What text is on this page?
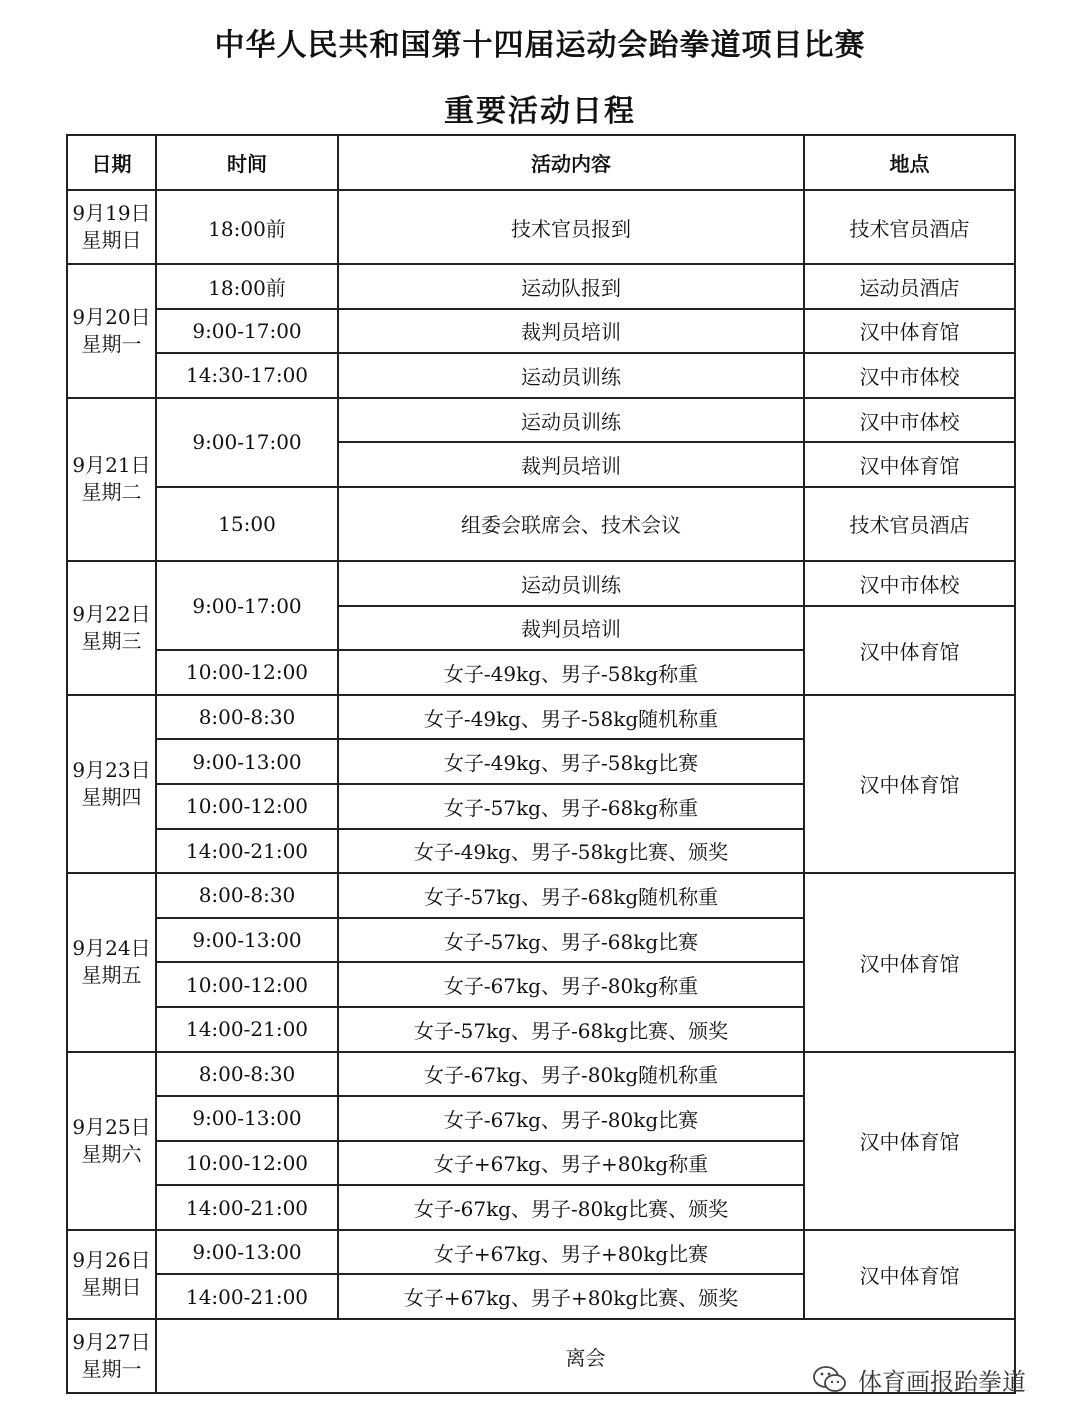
中华人民共和国第十四届运动会跆拳道项目比赛
重要活动日程
日期	时间	活动内容	地点

9月19日
星期日	18:00前	技术官员报到	技术官员酒店

9月20日
星期一	18:00前	运动队报到	运动员酒店
	9:00-17:00	裁判员培训	汉中体育馆
	14:30-17:00	运动员训练	汉中市体校

9月21日
星期二	9:00-17:00	运动员训练	汉中市体校
		裁判员培训	汉中体育馆
	15:00	组委会联席会、技术会议	技术官员酒店

9月22日
星期三	9:00-17:00	运动员训练	汉中市体校
		裁判员培训	汉中体育馆
	10:00-12:00	女子-49kg、男子-58kg称重	

9月23日
星期四	8:00-8:30	女子-49kg、男子-58kg随机称重	汉中体育馆
	9:00-13:00	女子-49kg、男子-58kg比赛	
	10:00-12:00	女子-57kg、男子-68kg称重	
	14:00-21:00	女子-49kg、男子-58kg比赛、颁奖	

9月24日
星期五	8:00-8:30	女子-57kg、男子-68kg随机称重	汉中体育馆
	9:00-13:00	女子-57kg、男子-68kg比赛	
	10:00-12:00	女子-67kg、男子-80kg称重	
	14:00-21:00	女子-57kg、男子-68kg比赛、颁奖	

9月25日
星期六	8:00-8:30	女子-67kg、男子-80kg随机称重	汉中体育馆
	9:00-13:00	女子-67kg、男子-80kg比赛	
	10:00-12:00	女子+67kg、男子+80kg称重	
	14:00-21:00	女子-67kg、男子-80kg比赛、颁奖	

9月26日
星期日	9:00-13:00	女子+67kg、男子+80kg比赛	汉中体育馆
	14:00-21:00	女子+67kg、男子+80kg比赛、颁奖	

9月27日
星期一	离会		
体育画报跆拳道
